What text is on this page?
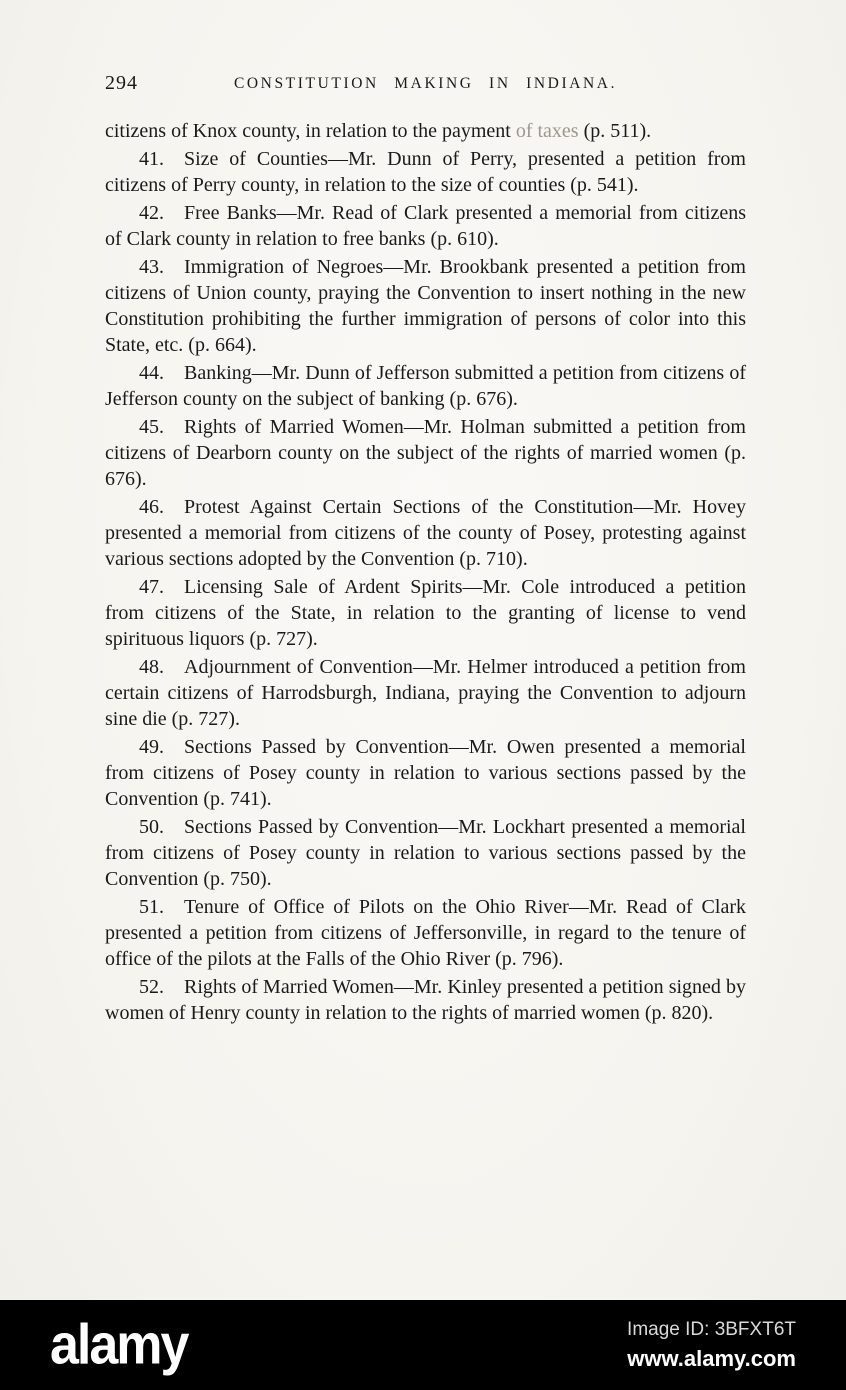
294	CONSTITUTION MAKING IN INDIANA.

citizens of Knox county, in relation to the payment of taxes (p. 511).

41. Size of Counties—Mr. Dunn of Perry, presented a petition from citizens of Perry county, in relation to the size of counties (p. 541).

42. Free Banks—Mr. Read of Clark presented a memorial from citizens of Clark county in relation to free banks (p. 610).

43. Immigration of Negroes—Mr. Brookbank presented a petition from citizens of Union county, praying the Convention to insert nothing in the new Constitution prohibiting the further immigration of persons of color into this State, etc. (p. 664).

44. Banking—Mr. Dunn of Jefferson submitted a petition from citizens of Jefferson county on the subject of banking (p. 676).

45. Rights of Married Women—Mr. Holman submitted a petition from citizens of Dearborn county on the subject of the rights of married women (p. 676).

46. Protest Against Certain Sections of the Constitution—Mr. Hovey presented a memorial from citizens of the county of Posey, protesting against various sections adopted by the Convention (p. 710).

47. Licensing Sale of Ardent Spirits—Mr. Cole introduced a petition from citizens of the State, in relation to the granting of license to vend spirituous liquors (p. 727).

48. Adjournment of Convention—Mr. Helmer introduced a petition from certain citizens of Harrodsburgh, Indiana, praying the Convention to adjourn sine die (p. 727).

49. Sections Passed by Convention—Mr. Owen presented a memorial from citizens of Posey county in relation to various sections passed by the Convention (p. 741).

50. Sections Passed by Convention—Mr. Lockhart presented a memorial from citizens of Posey county in relation to various sections passed by the Convention (p. 750).

51. Tenure of Office of Pilots on the Ohio River—Mr. Read of Clark presented a petition from citizens of Jeffersonville, in regard to the tenure of office of the pilots at the Falls of the Ohio River (p. 796).

52. Rights of Married Women—Mr. Kinley presented a petition signed by women of Henry county in relation to the rights of married women (p. 820).

alamy	Image ID: 3BFXT6T
www.alamy.com
